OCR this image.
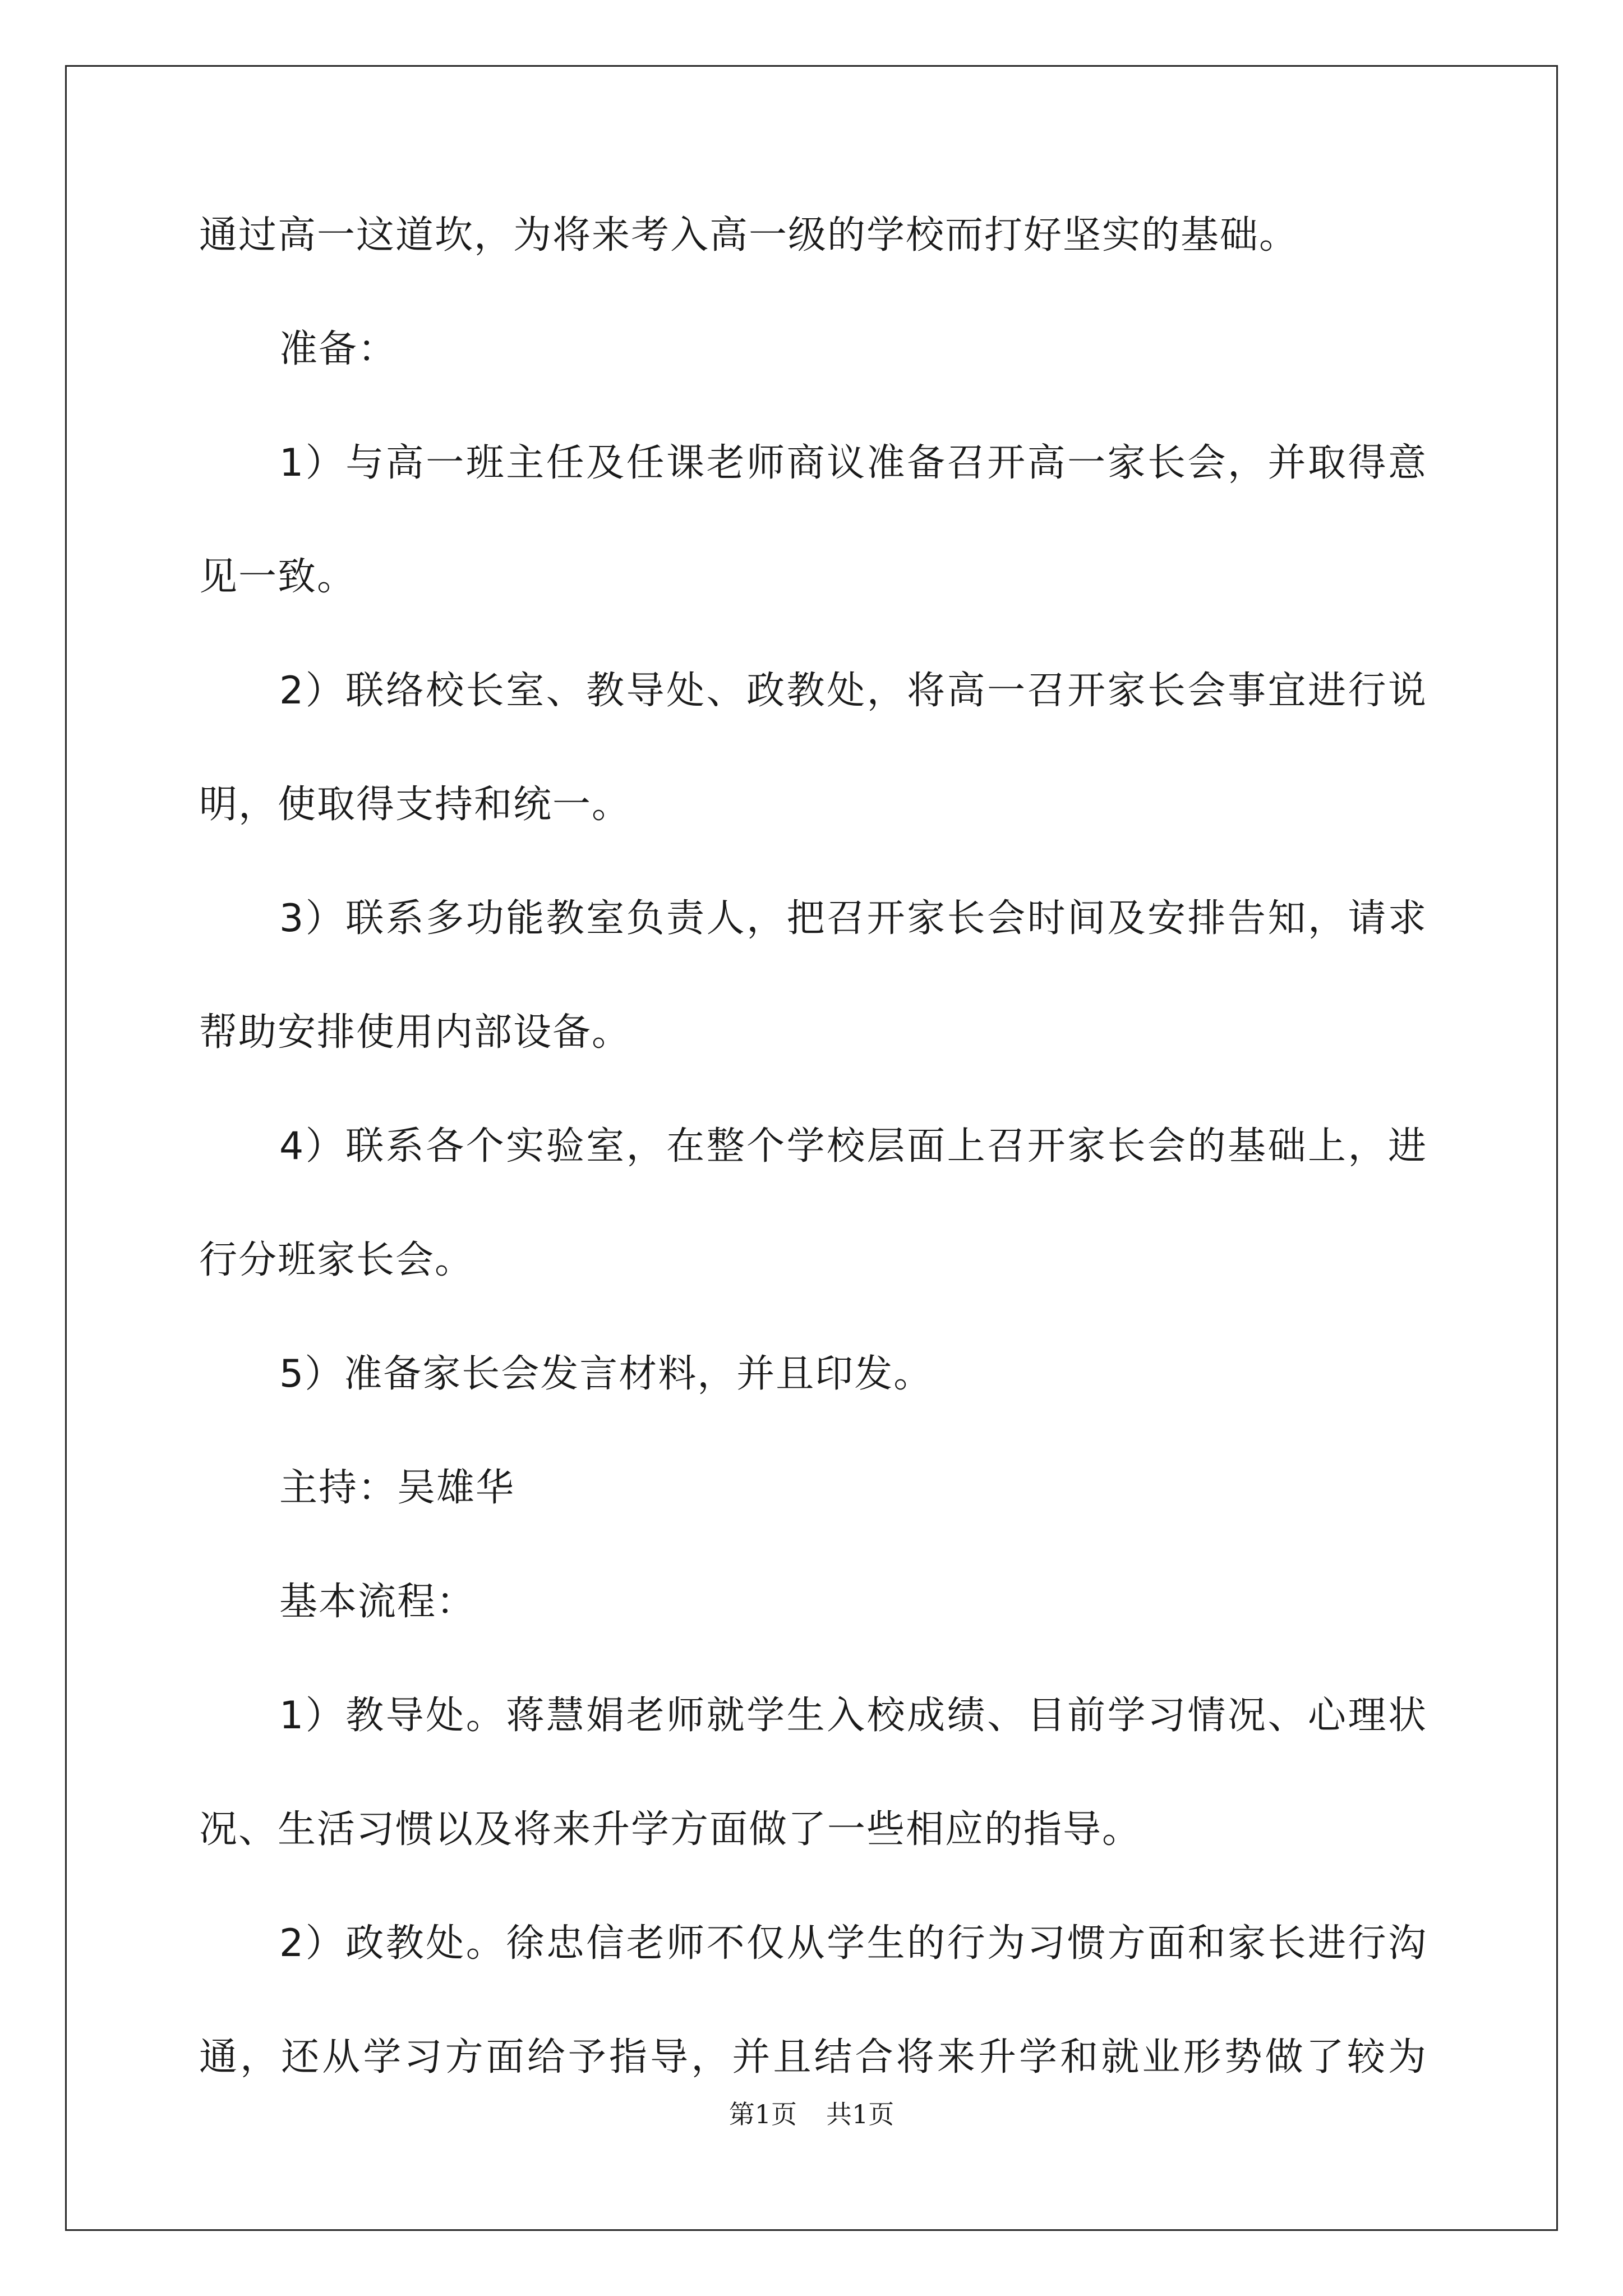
通过高一这道坎，为将来考入高一级的学校而打好坚实的基础。
准备：
1）与高一班主任及任课老师商议准备召开高一家长会，并取得意
见一致。
2）联络校长室、教导处、政教处，将高一召开家长会事宜进行说
明，使取得支持和统一。
3）联系多功能教室负责人，把召开家长会时间及安排告知，请求
帮助安排使用内部设备。
4）联系各个实验室，在整个学校层面上召开家长会的基础上，进
行分班家长会。
5）准备家长会发言材料，并且印发。
主持：吴雄华
基本流程：
1）教导处。蒋慧娟老师就学生入校成绩、目前学习情况、心理状
况、生活习惯以及将来升学方面做了一些相应的指导。
2）政教处。徐忠信老师不仅从学生的行为习惯方面和家长进行沟
通，还从学习方面给予指导，并且结合将来升学和就业形势做了较为
第1页 共1页
